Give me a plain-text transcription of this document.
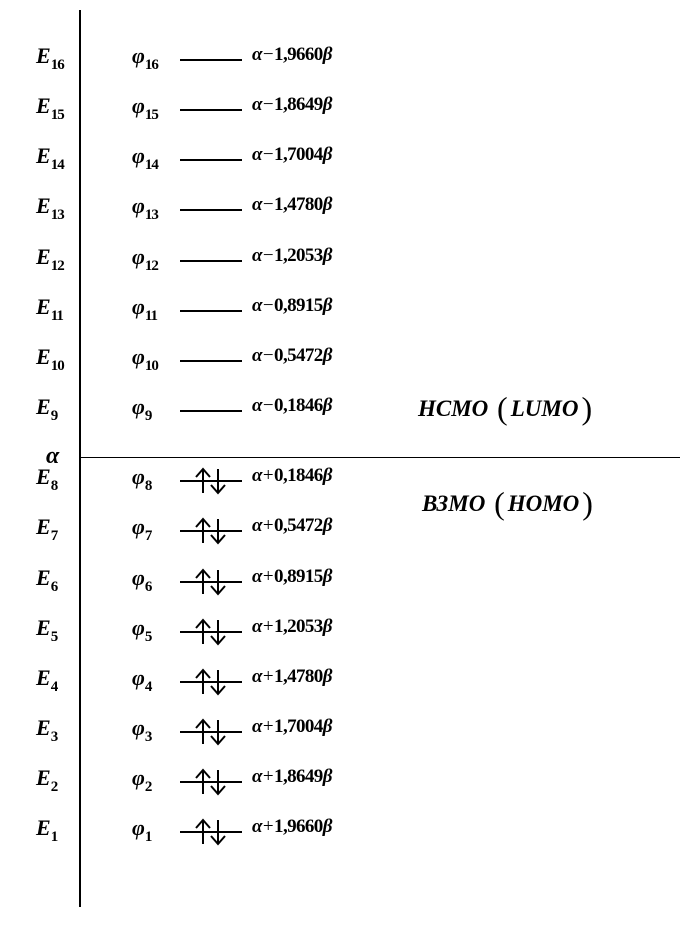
α
$E_{16}$	$\varphi_{16}$	α−1,9660β
$E_{15}$	$\varphi_{15}$	α−1,8649β
$E_{14}$	$\varphi_{14}$	α−1,7004β
$E_{13}$	$\varphi_{13}$	α−1,4780β
$E_{12}$	$\varphi_{12}$	α−1,2053β
$E_{11}$	$\varphi_{11}$	α−0,8915β
$E_{10}$	$\varphi_{10}$	α−0,5472β
$E_9$	$\varphi_9$	α−0,1846β
$E_8$	$\varphi_8$	α+0,1846β
$E_7$	$\varphi_7$	α+0,5472β
$E_6$	$\varphi_6$	α+0,8915β
$E_5$	$\varphi_5$	α+1,2053β
$E_4$	$\varphi_4$	α+1,4780β
$E_3$	$\varphi_3$	α+1,7004β
$E_2$	$\varphi_2$	α+1,8649β
$E_1$	$\varphi_1$	α+1,9660β
НСМО ( LUMO)
ВЗМО ( HOMO)
